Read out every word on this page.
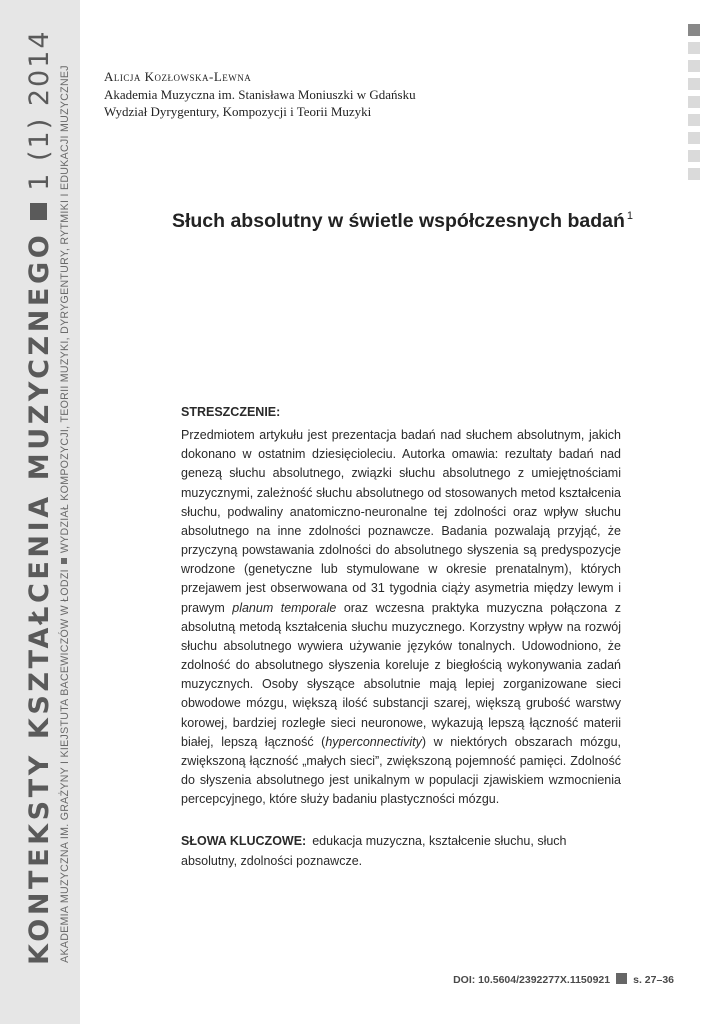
KONTEKSTY KSZTAŁCENIA MUZYCZNEGO1 (1) 2014
AKADEMIA MUZYCZNA IM. GRAŻYNY I KIEJSTUTA BACEWICZÓW W ŁODZIWYDZIAŁ KOMPOZYCJI, TEORII MUZYKI, DYRYGENTURY, RYTMIKI I EDUKACJI MUZYCZNEJ	Alicja Kozłowska-Lewna
Akademia Muzyczna im. Stanisława Moniuszki w Gdańsku
Wydział Dyrygentury, Kompozycji i Teorii Muzyki
Słuch absolutny w świetle współczesnych badań $^1$
STRESZCZENIE:

Przedmiotem artykułu jest prezentacja badań nad słuchem absolutnym, jakich dokonano w ostatnim dziesięcioleciu. Autorka omawia: rezultaty badań nad genezą słuchu absolutnego, związki słuchu absolutnego z umiejętnościami muzycznymi, zależność słuchu absolutnego od stosowanych metod kształcenia słuchu, podwaliny anatomiczno-neuronalne tej zdolności oraz wpływ słuchu absolutnego na inne zdolności poznawcze. Badania pozwalają przyjąć, że przyczyną powstawania zdolności do absolutnego słyszenia są predyspozycje wrodzone (genetyczne lub stymulowane w okresie prenatalnym), których przejawem jest obserwowana od 31 tygodnia ciąży asymetria między lewym i prawym planum temporale oraz wczesna praktyka muzyczna połączona z absolutną metodą kształcenia słuchu muzycznego. Korzystny wpływ na rozwój słuchu absolutnego wywiera używanie języków tonalnych. Udowodniono, że zdolność do absolutnego słyszenia koreluje z biegłością wykonywania zadań muzycznych. Osoby słyszące absolutnie mają lepiej zorganizowane sieci obwodowe mózgu, większą ilość substancji szarej, większą grubość warstwy korowej, bardziej rozległe sieci neuronowe, wykazują lepszą łączność materii białej, lepszą łączność (hyperconnectivity) w niektórych obszarach mózgu, zwiększoną łączność „małych sieci”, zwiększoną pojemność pamięci. Zdolność do słyszenia absolutnego jest unikalnym w populacji zjawiskiem wzmocnienia percepcyjnego, które służy badaniu plastyczności mózgu.

SŁOWA KLUCZOWE: edukacja muzyczna, kształcenie słuchu, słuch absolutny, zdolności poznawcze.
DOI: 10.5604/2392277X.1150921 s. 27–36
